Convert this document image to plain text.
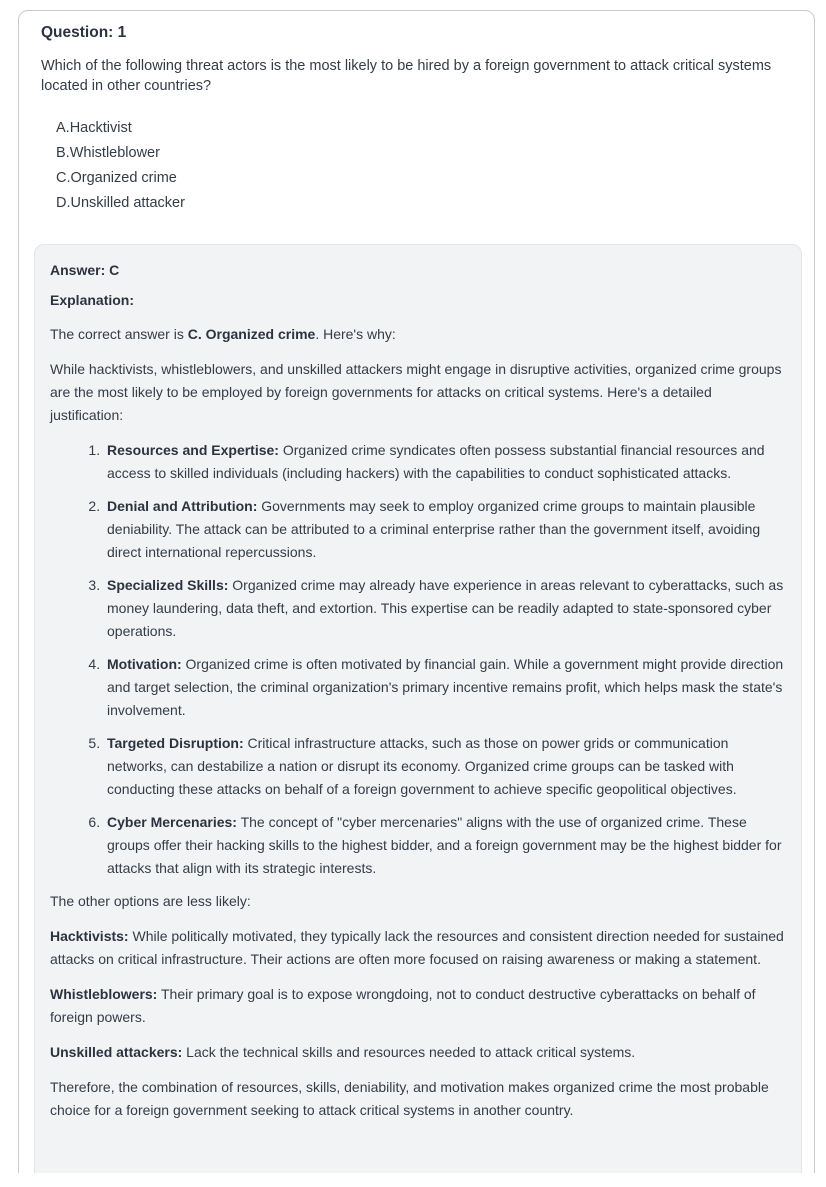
Question: 1

Which of the following threat actors is the most likely to be hired by a foreign government to attack critical systems located in other countries?

A.Hacktivist
B.Whistleblower
C.Organized crime
D.Unskilled attacker

Answer: C

Explanation:

The correct answer is C. Organized crime. Here's why:

While hacktivists, whistleblowers, and unskilled attackers might engage in disruptive activities, organized crime groups are the most likely to be employed by foreign governments for attacks on critical systems. Here's a detailed justification:

1. Resources and Expertise: Organized crime syndicates often possess substantial financial resources and access to skilled individuals (including hackers) with the capabilities to conduct sophisticated attacks.
2. Denial and Attribution: Governments may seek to employ organized crime groups to maintain plausible deniability. The attack can be attributed to a criminal enterprise rather than the government itself, avoiding direct international repercussions.
3. Specialized Skills: Organized crime may already have experience in areas relevant to cyberattacks, such as money laundering, data theft, and extortion. This expertise can be readily adapted to state-sponsored cyber operations.
4. Motivation: Organized crime is often motivated by financial gain. While a government might provide direction and target selection, the criminal organization's primary incentive remains profit, which helps mask the state's involvement.
5. Targeted Disruption: Critical infrastructure attacks, such as those on power grids or communication networks, can destabilize a nation or disrupt its economy. Organized crime groups can be tasked with conducting these attacks on behalf of a foreign government to achieve specific geopolitical objectives.
6. Cyber Mercenaries: The concept of "cyber mercenaries" aligns with the use of organized crime. These groups offer their hacking skills to the highest bidder, and a foreign government may be the highest bidder for attacks that align with its strategic interests.

The other options are less likely:

Hacktivists: While politically motivated, they typically lack the resources and consistent direction needed for sustained attacks on critical infrastructure. Their actions are often more focused on raising awareness or making a statement.

Whistleblowers: Their primary goal is to expose wrongdoing, not to conduct destructive cyberattacks on behalf of foreign powers.

Unskilled attackers: Lack the technical skills and resources needed to attack critical systems.

Therefore, the combination of resources, skills, deniability, and motivation makes organized crime the most probable choice for a foreign government seeking to attack critical systems in another country.
